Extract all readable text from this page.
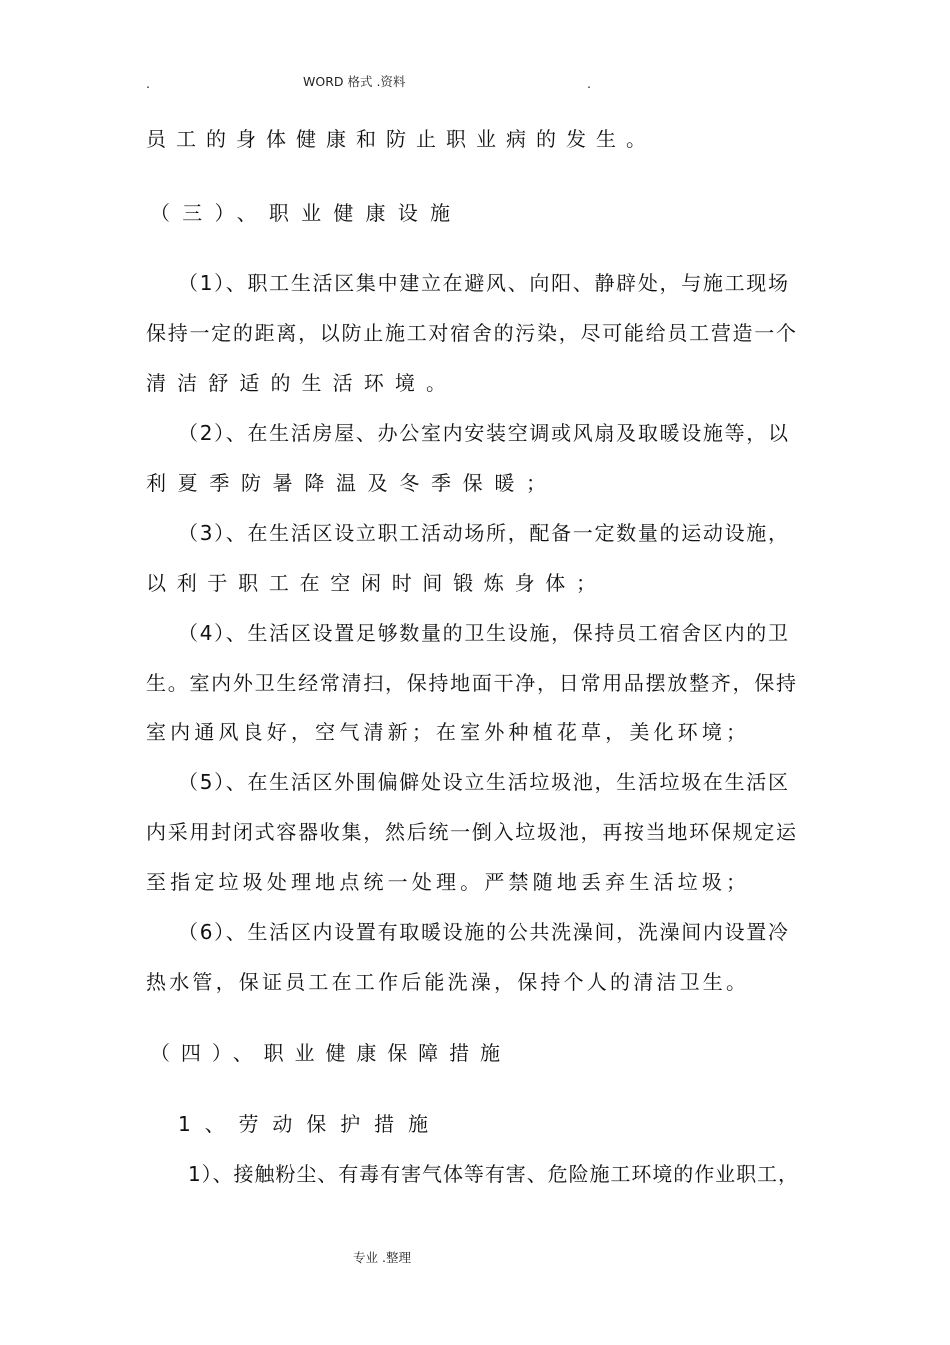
.	WORD 格式 .资料	.
员工的身体健康和防止职业病的发生。
（三）、职业健康设施
（1）、职工生活区集中建立在避风、向阳、静辟处，与施工现场
保持一定的距离，以防止施工对宿舍的污染，尽可能给员工营造一个
清洁舒适的生活环境。
（2）、在生活房屋、办公室内安装空调或风扇及取暖设施等，以
利夏季防暑降温及冬季保暖；
（3）、在生活区设立职工活动场所，配备一定数量的运动设施，
以利于职工在空闲时间锻炼身体；
（4）、生活区设置足够数量的卫生设施，保持员工宿舍区内的卫
生。室内外卫生经常清扫，保持地面干净，日常用品摆放整齐，保持
室内通风良好，空气清新；在室外种植花草，美化环境；
（5）、在生活区外围偏僻处设立生活垃圾池，生活垃圾在生活区
内采用封闭式容器收集，然后统一倒入垃圾池，再按当地环保规定运
至指定垃圾处理地点统一处理。严禁随地丢弃生活垃圾；
（6）、生活区内设置有取暖设施的公共洗澡间，洗澡间内设置冷
热水管，保证员工在工作后能洗澡，保持个人的清洁卫生。
（四）、职业健康保障措施
1、劳动保护措施
1）、接触粉尘、有毒有害气体等有害、危险施工环境的作业职工，
专业 .整理
